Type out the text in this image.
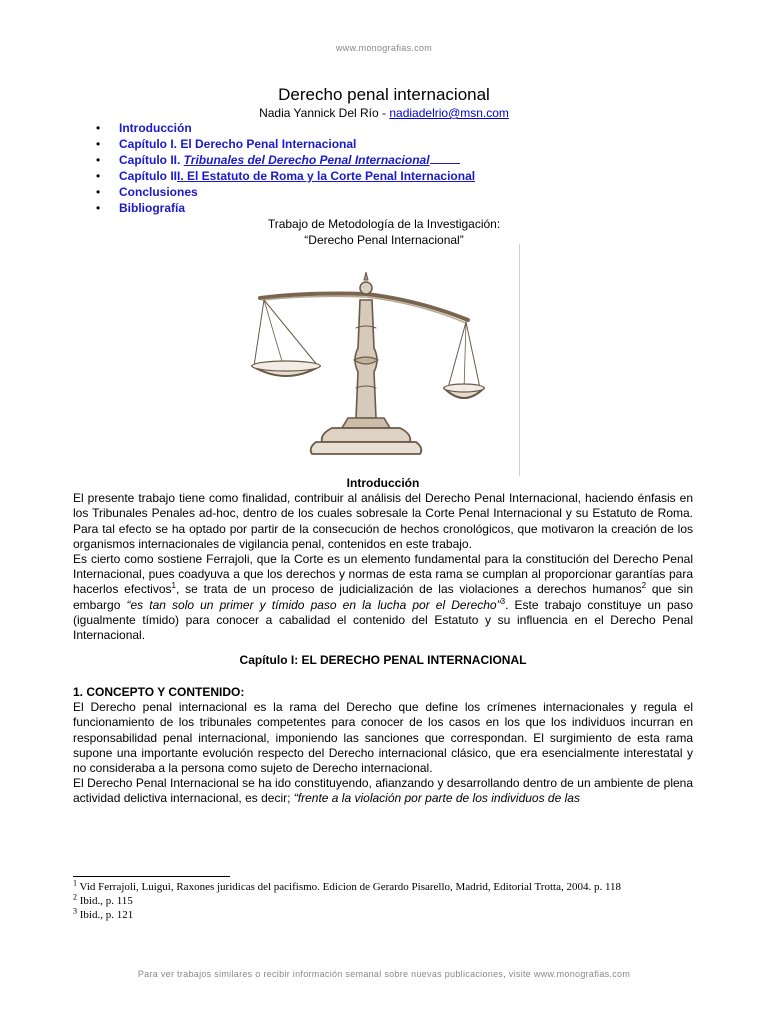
www.monografias.com
Derecho penal internacional
Nadia Yannick Del Río - nadiadelrio@msn.com
• Introducción
• Capítulo I. El Derecho Penal Internacional
• Capítulo II. Tribunales del Derecho Penal Internacional
• Capítulo III. El Estatuto de Roma y la Corte Penal Internacional
• Conclusiones
• Bibliografía
Trabajo de Metodología de la Investigación:
“Derecho Penal Internacional”
Introducción

El presente trabajo tiene como finalidad, contribuir al análisis del Derecho Penal Internacional, haciendo énfasis en los Tribunales Penales ad-hoc, dentro de los cuales sobresale la Corte Penal Internacional y su Estatuto de Roma. Para tal efecto se ha optado por partir de la consecución de hechos cronológicos, que motivaron la creación de los organismos internacionales de vigilancia penal, contenidos en este trabajo.

Es cierto como sostiene Ferrajoli, que la Corte es un elemento fundamental para la constitución del Derecho Penal Internacional, pues coadyuva a que los derechos y normas de esta rama se cumplan al proporcionar garantías para hacerlos efectivos$^1$, se trata de un proceso de judicialización de las violaciones a derechos humanos$^2$ que sin embargo “es tan solo un primer y tímido paso en la lucha por el Derecho”$^3$. Este trabajo constituye un paso (igualmente tímido) para conocer a cabalidad el contenido del Estatuto y su influencia en el Derecho Penal Internacional.

Capítulo I: EL DERECHO PENAL INTERNACIONAL
1. CONCEPTO Y CONTENIDO:

El Derecho penal internacional es la rama del Derecho que define los crímenes internacionales y regula el funcionamiento de los tribunales competentes para conocer de los casos en los que los individuos incurran en responsabilidad penal internacional, imponiendo las sanciones que correspondan. El surgimiento de esta rama supone una importante evolución respecto del Derecho internacional clásico, que era esencialmente interestatal y no consideraba a la persona como sujeto de Derecho internacional.

El Derecho Penal Internacional se ha ido constituyendo, afianzando y desarrollando dentro de un ambiente de plena actividad delictiva internacional, es decir; “frente a la violación por parte de los individuos de las

$^1$ Vid Ferrajoli, Luigui, Raxones juridicas del pacifismo. Edicion de Gerardo Pisarello, Madrid, Editorial Trotta, 2004. p. 118
$^2$ Ibid., p. 115
$^3$ Ibid., p. 121
Para ver trabajos similares o recibir información semanal sobre nuevas publicaciones, visite www.monografias.com
